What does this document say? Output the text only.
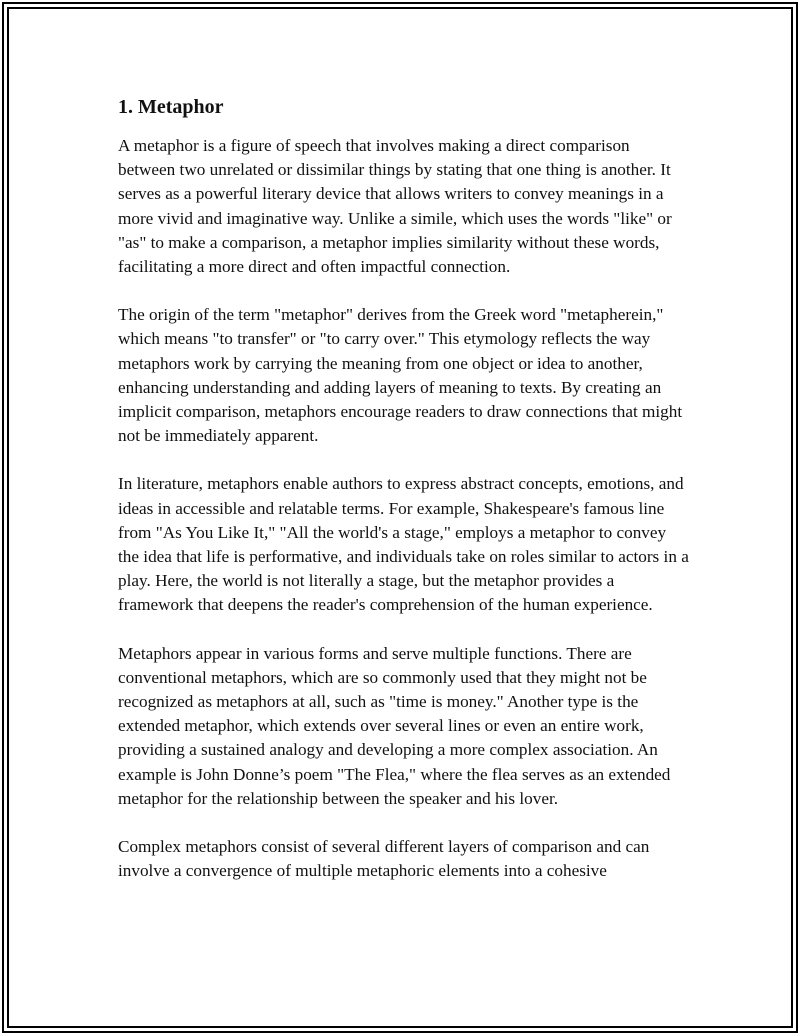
1. Metaphor

A metaphor is a figure of speech that involves making a direct comparison between two unrelated or dissimilar things by stating that one thing is another. It serves as a powerful literary device that allows writers to convey meanings in a more vivid and imaginative way. Unlike a simile, which uses the words "like" or "as" to make a comparison, a metaphor implies similarity without these words, facilitating a more direct and often impactful connection.

The origin of the term "metaphor" derives from the Greek word "metapherein," which means "to transfer" or "to carry over." This etymology reflects the way metaphors work by carrying the meaning from one object or idea to another, enhancing understanding and adding layers of meaning to texts. By creating an implicit comparison, metaphors encourage readers to draw connections that might not be immediately apparent.

In literature, metaphors enable authors to express abstract concepts, emotions, and ideas in accessible and relatable terms. For example, Shakespeare's famous line from "As You Like It," "All the world's a stage," employs a metaphor to convey the idea that life is performative, and individuals take on roles similar to actors in a play. Here, the world is not literally a stage, but the metaphor provides a framework that deepens the reader's comprehension of the human experience.

Metaphors appear in various forms and serve multiple functions. There are conventional metaphors, which are so commonly used that they might not be recognized as metaphors at all, such as "time is money." Another type is the extended metaphor, which extends over several lines or even an entire work, providing a sustained analogy and developing a more complex association. An example is John Donne’s poem "The Flea," where the flea serves as an extended metaphor for the relationship between the speaker and his lover.

Complex metaphors consist of several different layers of comparison and can involve a convergence of multiple metaphoric elements into a cohesive
